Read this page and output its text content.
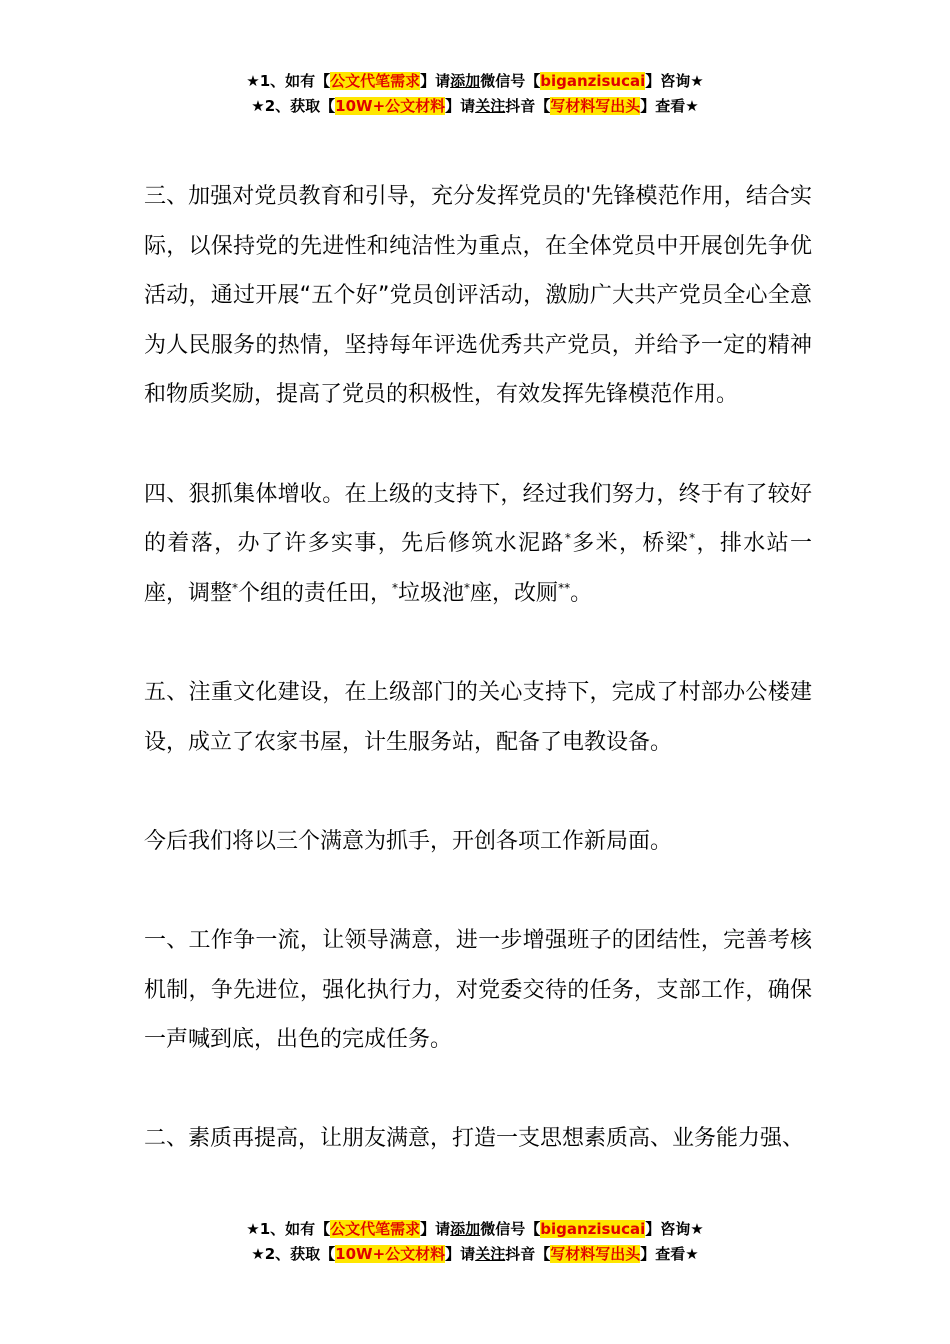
★1、如有【公文代笔需求】请添加微信号【biganzisucai】咨询★
★2、获取【10W+公文材料】请关注抖音【写材料写出头】查看★

三、加强对党员教育和引导，充分发挥党员的'先锋模范作用，结合实际，以保持党的先进性和纯洁性为重点，在全体党员中开展创先争优活动，通过开展“五个好”党员创评活动，激励广大共产党员全心全意为人民服务的热情，坚持每年评选优秀共产党员，并给予一定的精神和物质奖励，提高了党员的积极性，有效发挥先锋模范作用。

四、狠抓集体增收。在上级的支持下，经过我们努力，终于有了较好的着落，办了许多实事，先后修筑水泥路*多米，桥梁*，排水站一座，调整*个组的责任田，*垃圾池*座，改厕**。

五、注重文化建设，在上级部门的关心支持下，完成了村部办公楼建设，成立了农家书屋，计生服务站，配备了电教设备。

今后我们将以三个满意为抓手，开创各项工作新局面。

一、工作争一流，让领导满意，进一步增强班子的团结性，完善考核机制，争先进位，强化执行力，对党委交待的任务，支部工作，确保一声喊到底，出色的完成任务。

二、素质再提高，让朋友满意，打造一支思想素质高、业务能力强、

★1、如有【公文代笔需求】请添加微信号【biganzisucai】咨询★
★2、获取【10W+公文材料】请关注抖音【写材料写出头】查看★
